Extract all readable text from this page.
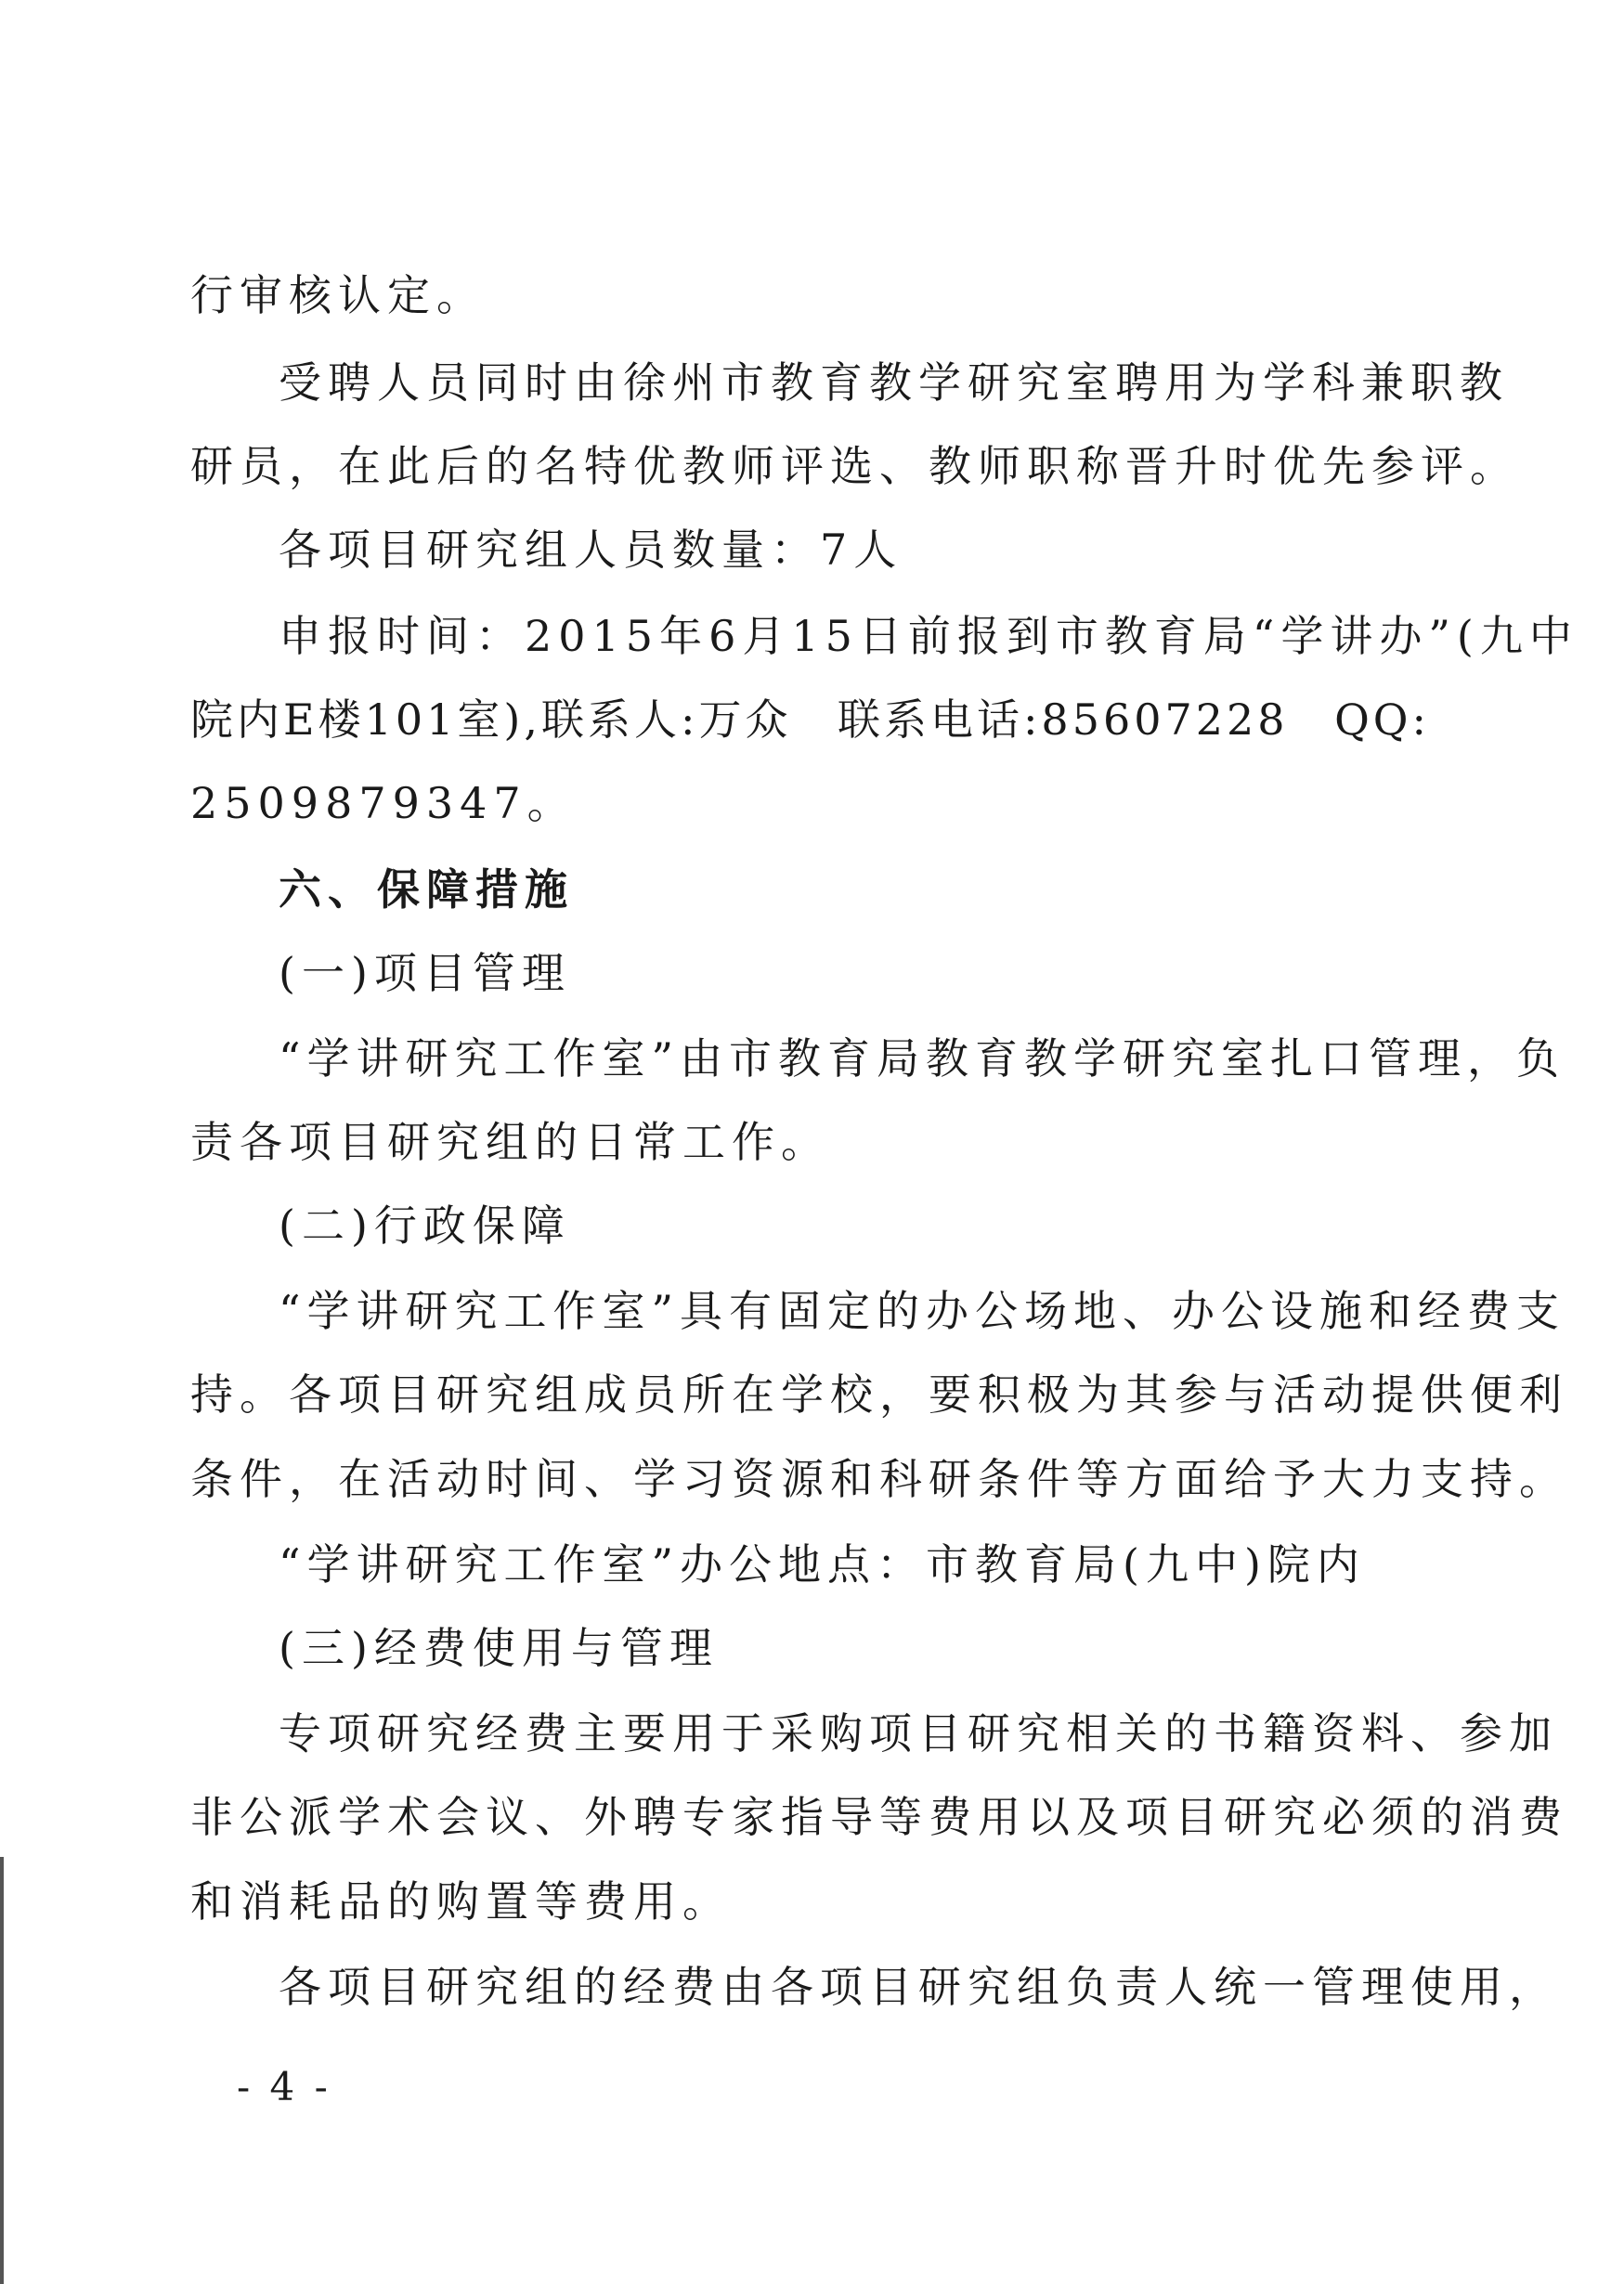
行审核认定。
受聘人员同时由徐州市教育教学研究室聘用为学科兼职教
研员，在此后的名特优教师评选、教师职称晋升时优先参评。
各项目研究组人员数量：7人
申报时间：2015年6月15日前报到市教育局“学讲办”(九中
院内E楼101室),联系人:万众 联系电话:85607228 QQ:
2509879347。
六、保障措施
(一)项目管理
“学讲研究工作室”由市教育局教育教学研究室扎口管理，负
责各项目研究组的日常工作。
(二)行政保障
“学讲研究工作室”具有固定的办公场地、办公设施和经费支
持。各项目研究组成员所在学校，要积极为其参与活动提供便利
条件，在活动时间、学习资源和科研条件等方面给予大力支持。
“学讲研究工作室”办公地点：市教育局(九中)院内
(三)经费使用与管理
专项研究经费主要用于采购项目研究相关的书籍资料、参加
非公派学术会议、外聘专家指导等费用以及项目研究必须的消费
和消耗品的购置等费用。
各项目研究组的经费由各项目研究组负责人统一管理使用，
- 4 -
